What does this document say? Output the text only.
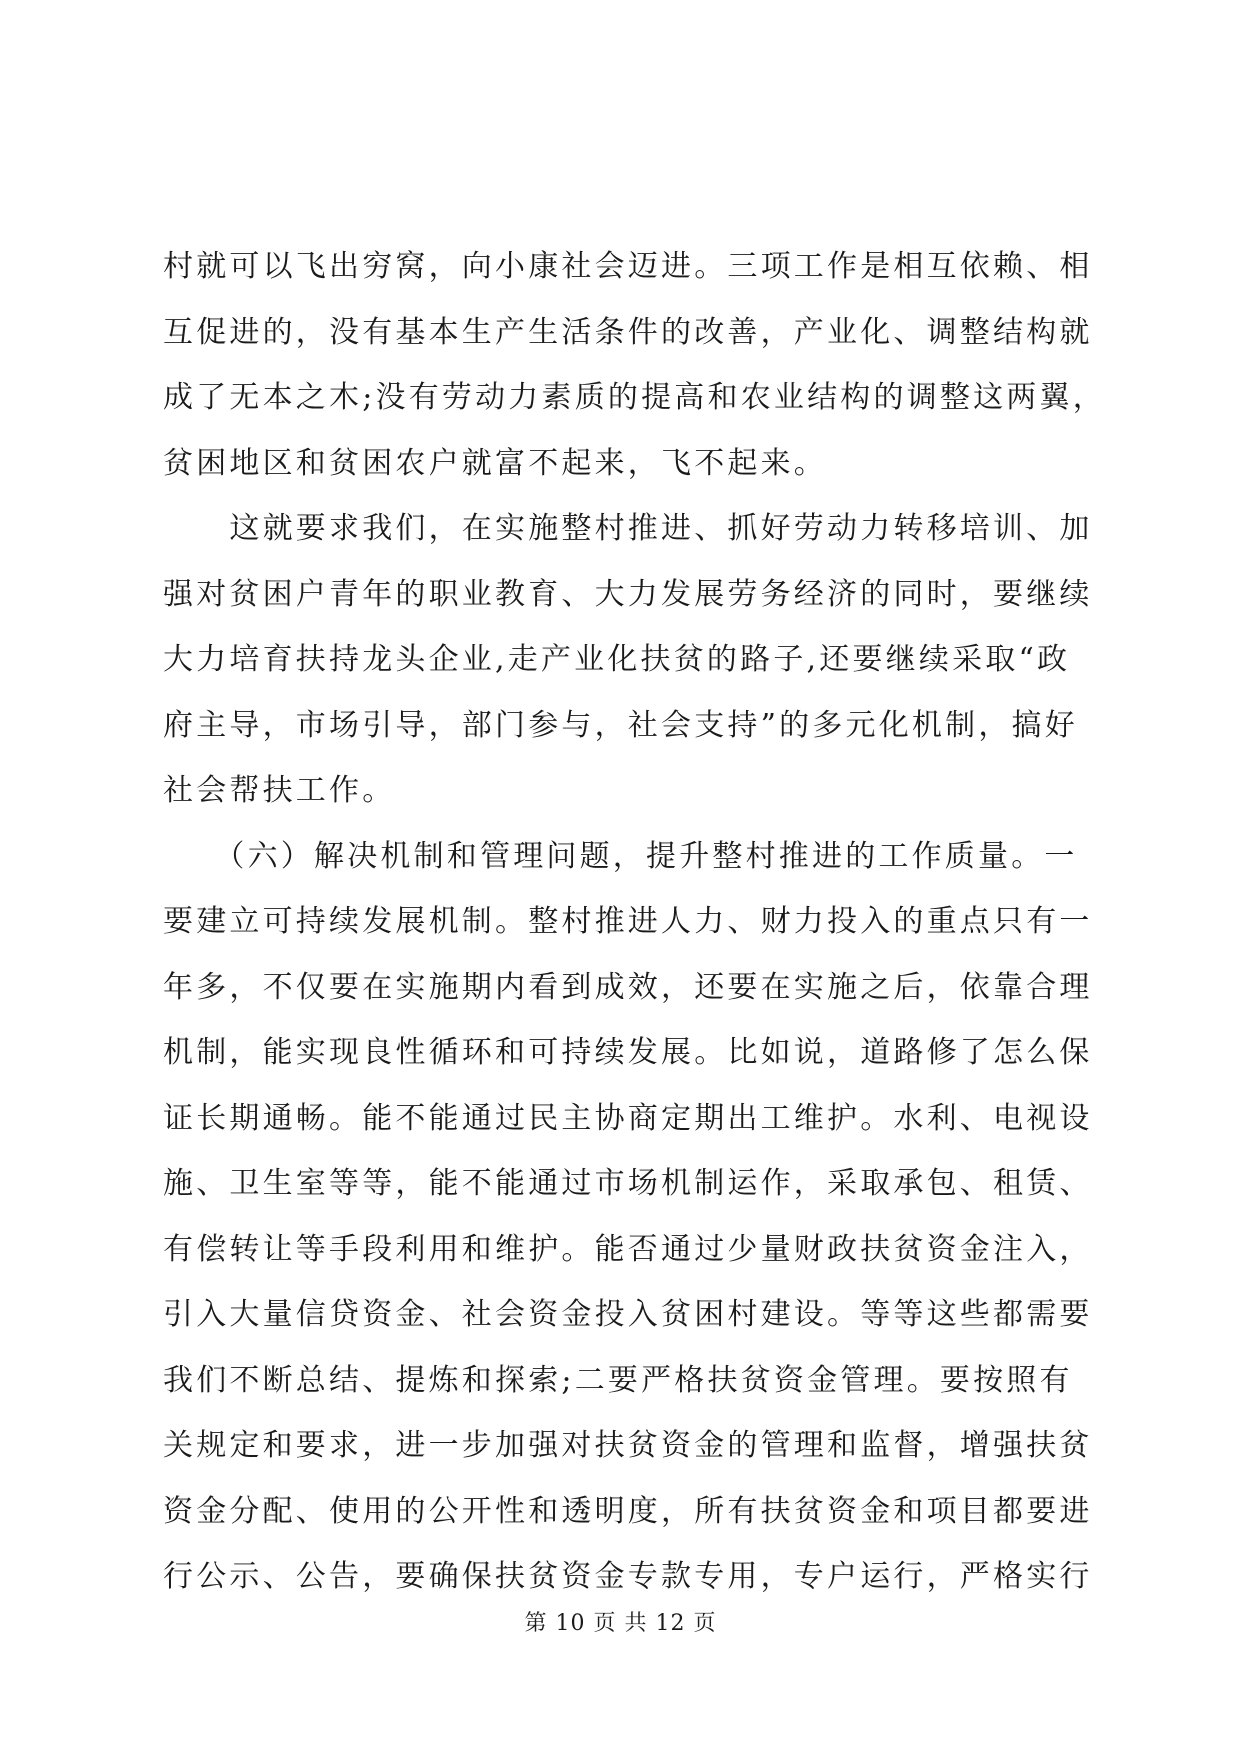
村就可以飞出穷窝，向小康社会迈进。三项工作是相互依赖、相
互促进的，没有基本生产生活条件的改善，产业化、调整结构就
成了无本之木;没有劳动力素质的提高和农业结构的调整这两翼，
贫困地区和贫困农户就富不起来，飞不起来。
　　这就要求我们，在实施整村推进、抓好劳动力转移培训、加
强对贫困户青年的职业教育、大力发展劳务经济的同时，要继续
大力培育扶持龙头企业,走产业化扶贫的路子,还要继续采取“政
府主导，市场引导，部门参与，社会支持”的多元化机制，搞好
社会帮扶工作。
　　（六）解决机制和管理问题，提升整村推进的工作质量。一
要建立可持续发展机制。整村推进人力、财力投入的重点只有一
年多，不仅要在实施期内看到成效，还要在实施之后，依靠合理
机制，能实现良性循环和可持续发展。比如说，道路修了怎么保
证长期通畅。能不能通过民主协商定期出工维护。水利、电视设
施、卫生室等等，能不能通过市场机制运作，采取承包、租赁、
有偿转让等手段利用和维护。能否通过少量财政扶贫资金注入，
引入大量信贷资金、社会资金投入贫困村建设。等等这些都需要
我们不断总结、提炼和探索;二要严格扶贫资金管理。要按照有
关规定和要求，进一步加强对扶贫资金的管理和监督，增强扶贫
资金分配、使用的公开性和透明度，所有扶贫资金和项目都要进
行公示、公告，要确保扶贫资金专款专用，专户运行，严格实行
第 10 页 共 12 页
